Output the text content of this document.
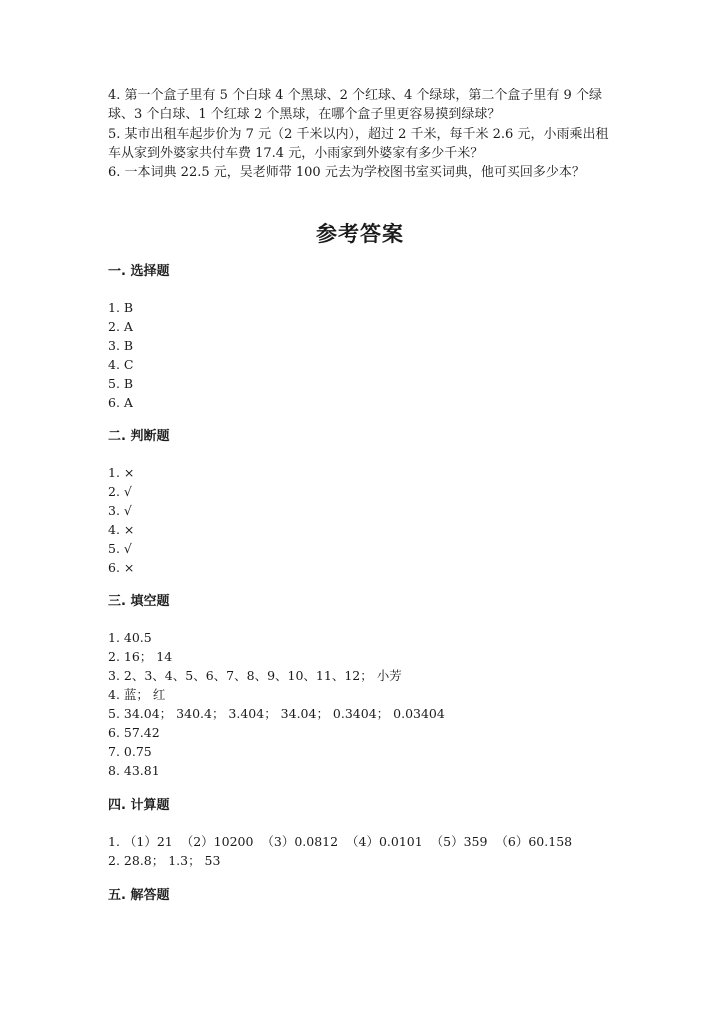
4. 第一个盒子里有 5 个白球 4 个黑球、2 个红球、4 个绿球，第二个盒子里有 9 个绿球、3 个白球、1 个红球 2 个黑球，在哪个盒子里更容易摸到绿球？

5. 某市出租车起步价为 7 元（2 千米以内），超过 2 千米，每千米 2.6 元，小雨乘出租车从家到外婆家共付车费 17.4 元，小雨家到外婆家有多少千米？

6. 一本词典 22.5 元，吴老师带 100 元去为学校图书室买词典，他可买回多少本？

参考答案
一. 选择题
1. B
2. A
3. B
4. C
5. B
6. A
二. 判断题
1. ×
2. √
3. √
4. ×
5. √
6. ×
三. 填空题
1. 40.5
2. 16； 14
3. 2、3、4、5、6、7、8、9、10、11、12； 小芳
4. 蓝； 红
5. 34.04； 340.4； 3.404； 34.04； 0.3404； 0.03404
6. 57.42
7. 0.75
8. 43.81
四. 计算题
1. （1）21  （2）10200  （3）0.0812  （4）0.0101  （5）359  （6）60.158
2. 28.8； 1.3； 53
五. 解答题
